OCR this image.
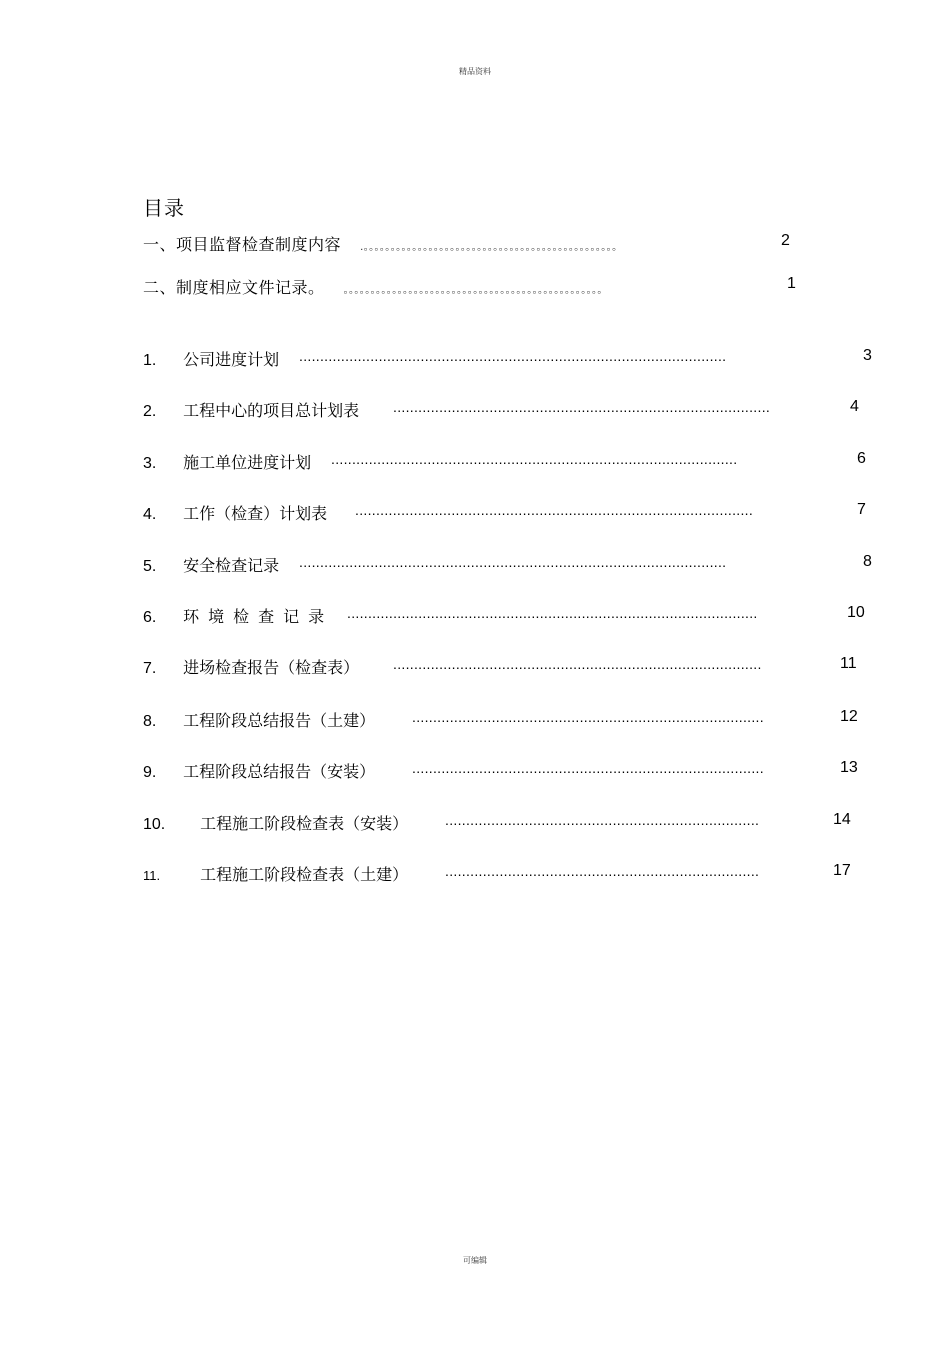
精品资料
目录
一、项目监督检查制度内容 .。。。。。。。。。。。。。。。。。。。。。。。。。。。。。。。。。。。。。。。。。。。。。。。	2
二、制度相应文件记录。 。。。。。。。。。。。。。。。。。。。。。。。。。。。。。。。。。。。。。。。。。。。。。。。。	1
1. 公司进度计划 ......................................................................................................	3
2. 工程中心的项目总计划表 ..........................................................................................	4
3. 施工单位进度计划 .................................................................................................	6
4. 工作（检查）计划表 ...............................................................................................	7
5. 安全检查记录 ......................................................................................................	8
6. 环境检查记录 ..................................................................................................	10
7. 进场检查报告（检查表） ........................................................................................	11
8. 工程阶段总结报告（土建）	....................................................................................	12
9. 工程阶段总结报告（安装）	....................................................................................	13
10. 工程施工阶段检查表（安装）	...........................................................................	14
11. 工程施工阶段检查表（土建）	...........................................................................	17
可编辑
